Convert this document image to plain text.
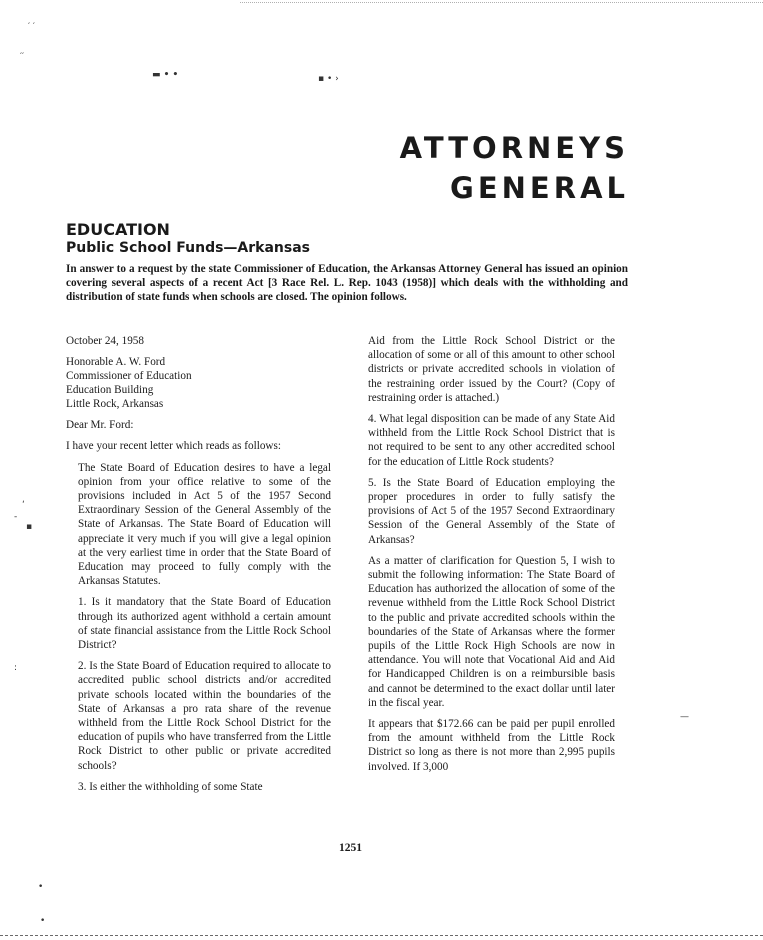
′ ′
′′
▬ • •	▪ • ›
‘
-
▪
:
—
•
•
ATTORNEYS
GENERAL
EDUCATION
Public School Funds—Arkansas
In answer to a request by the state Commissioner of Education, the Arkansas Attorney General has issued an opinion covering several aspects of a recent Act [3 Race Rel. L. Rep. 1043 (1958)] which deals with the withholding and distribution of state funds when schools are closed. The opinion follows.

October 24, 1958

Honorable A. W. Ford
Commissioner of Education
Education Building
Little Rock, Arkansas

Dear Mr. Ford:

I have your recent letter which reads as follows:

The State Board of Education desires to have a legal opinion from your office relative to some of the provisions included in Act 5 of the 1957 Second Extraordinary Session of the General Assembly of the State of Arkansas. The State Board of Education will appreciate it very much if you will give a legal opinion at the very earliest time in order that the State Board of Education may proceed to fully comply with the Arkansas Statutes.

1. Is it mandatory that the State Board of Education through its authorized agent withhold a certain amount of state financial assistance from the Little Rock School District?

2. Is the State Board of Education required to allocate to accredited public school districts and/or accredited private schools located within the boundaries of the State of Arkansas a pro rata share of the revenue withheld from the Little Rock School District for the education of pupils who have transferred from the Little Rock District to other public or private accredited schools?

3. Is either the withholding of some State

Aid from the Little Rock School District or the allocation of some or all of this amount to other school districts or private accredited schools in violation of the restraining order issued by the Court? (Copy of restraining order is attached.)

4. What legal disposition can be made of any State Aid withheld from the Little Rock School District that is not required to be sent to any other accredited school for the education of Little Rock students?

5. Is the State Board of Education employing the proper procedures in order to fully satisfy the provisions of Act 5 of the 1957 Second Extraordinary Session of the General Assembly of the State of Arkansas?

As a matter of clarification for Question 5, I wish to submit the following information: The State Board of Education has authorized the allocation of some of the revenue withheld from the Little Rock School District to the public and private accredited schools within the boundaries of the State of Arkansas where the former pupils of the Little Rock High Schools are now in attendance. You will note that Vocational Aid and Aid for Handicapped Children is on a reimbursible basis and cannot be determined to the exact dollar until later in the fiscal year.

It appears that $172.66 can be paid per pupil enrolled from the amount withheld from the Little Rock District so long as there is not more than 2,995 pupils involved. If 3,000

1251
